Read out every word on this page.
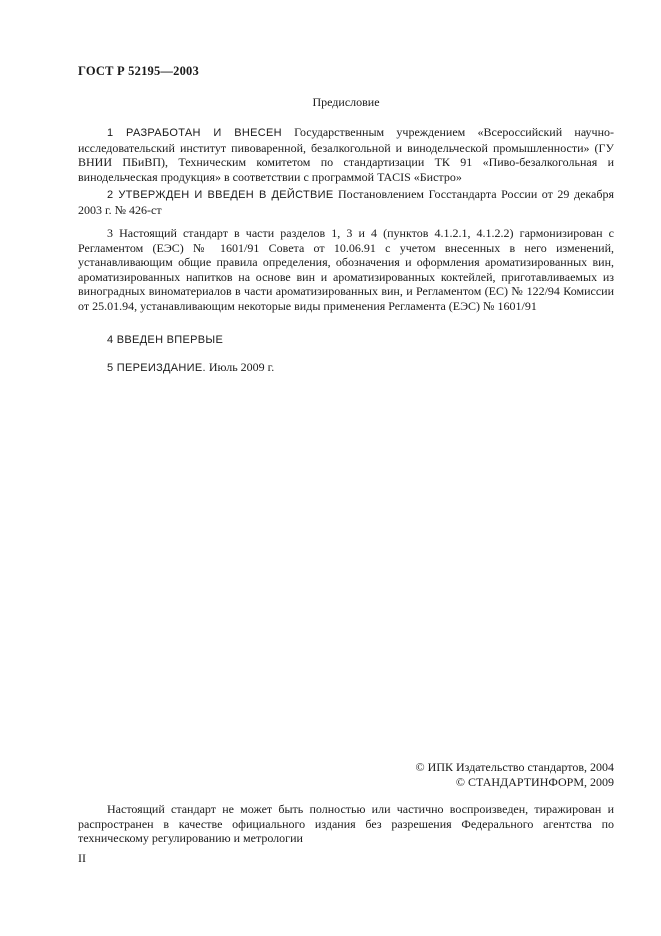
ГОСТ Р 52195—2003
Предисловие
1 РАЗРАБОТАН И ВНЕСЕН Государственным учреждением «Всероссийский научно-исследовательский институт пивоваренной, безалкогольной и винодельческой промышленности» (ГУ ВНИИ ПБиВП), Техническим комитетом по стандартизации ТК 91 «Пиво-безалкогольная и винодельческая продукция» в соответствии с программой TACIS «Бистро»
2 УТВЕРЖДЕН И ВВЕДЕН В ДЕЙСТВИЕ Постановлением Госстандарта России от 29 декабря 2003 г. № 426-ст
3 Настоящий стандарт в части разделов 1, 3 и 4 (пунктов 4.1.2.1, 4.1.2.2) гармонизирован с Регламентом (ЕЭС) № 1601/91 Совета от 10.06.91 с учетом внесенных в него изменений, устанавливающим общие правила определения, обозначения и оформления ароматизированных вин, ароматизированных напитков на основе вин и ароматизированных коктейлей, приготавливаемых из виноградных виноматериалов в части ароматизированных вин, и Регламентом (ЕС) № 122/94 Комиссии от 25.01.94, устанавливающим некоторые виды применения Регламента (ЕЭС) № 1601/91
4 ВВЕДЕН ВПЕРВЫЕ
5 ПЕРЕИЗДАНИЕ. Июль 2009 г.
© ИПК Издательство стандартов, 2004
© СТАНДАРТИНФОРМ, 2009
Настоящий стандарт не может быть полностью или частично воспроизведен, тиражирован и распространен в качестве официального издания без разрешения Федерального агентства по техническому регулированию и метрологии
II
